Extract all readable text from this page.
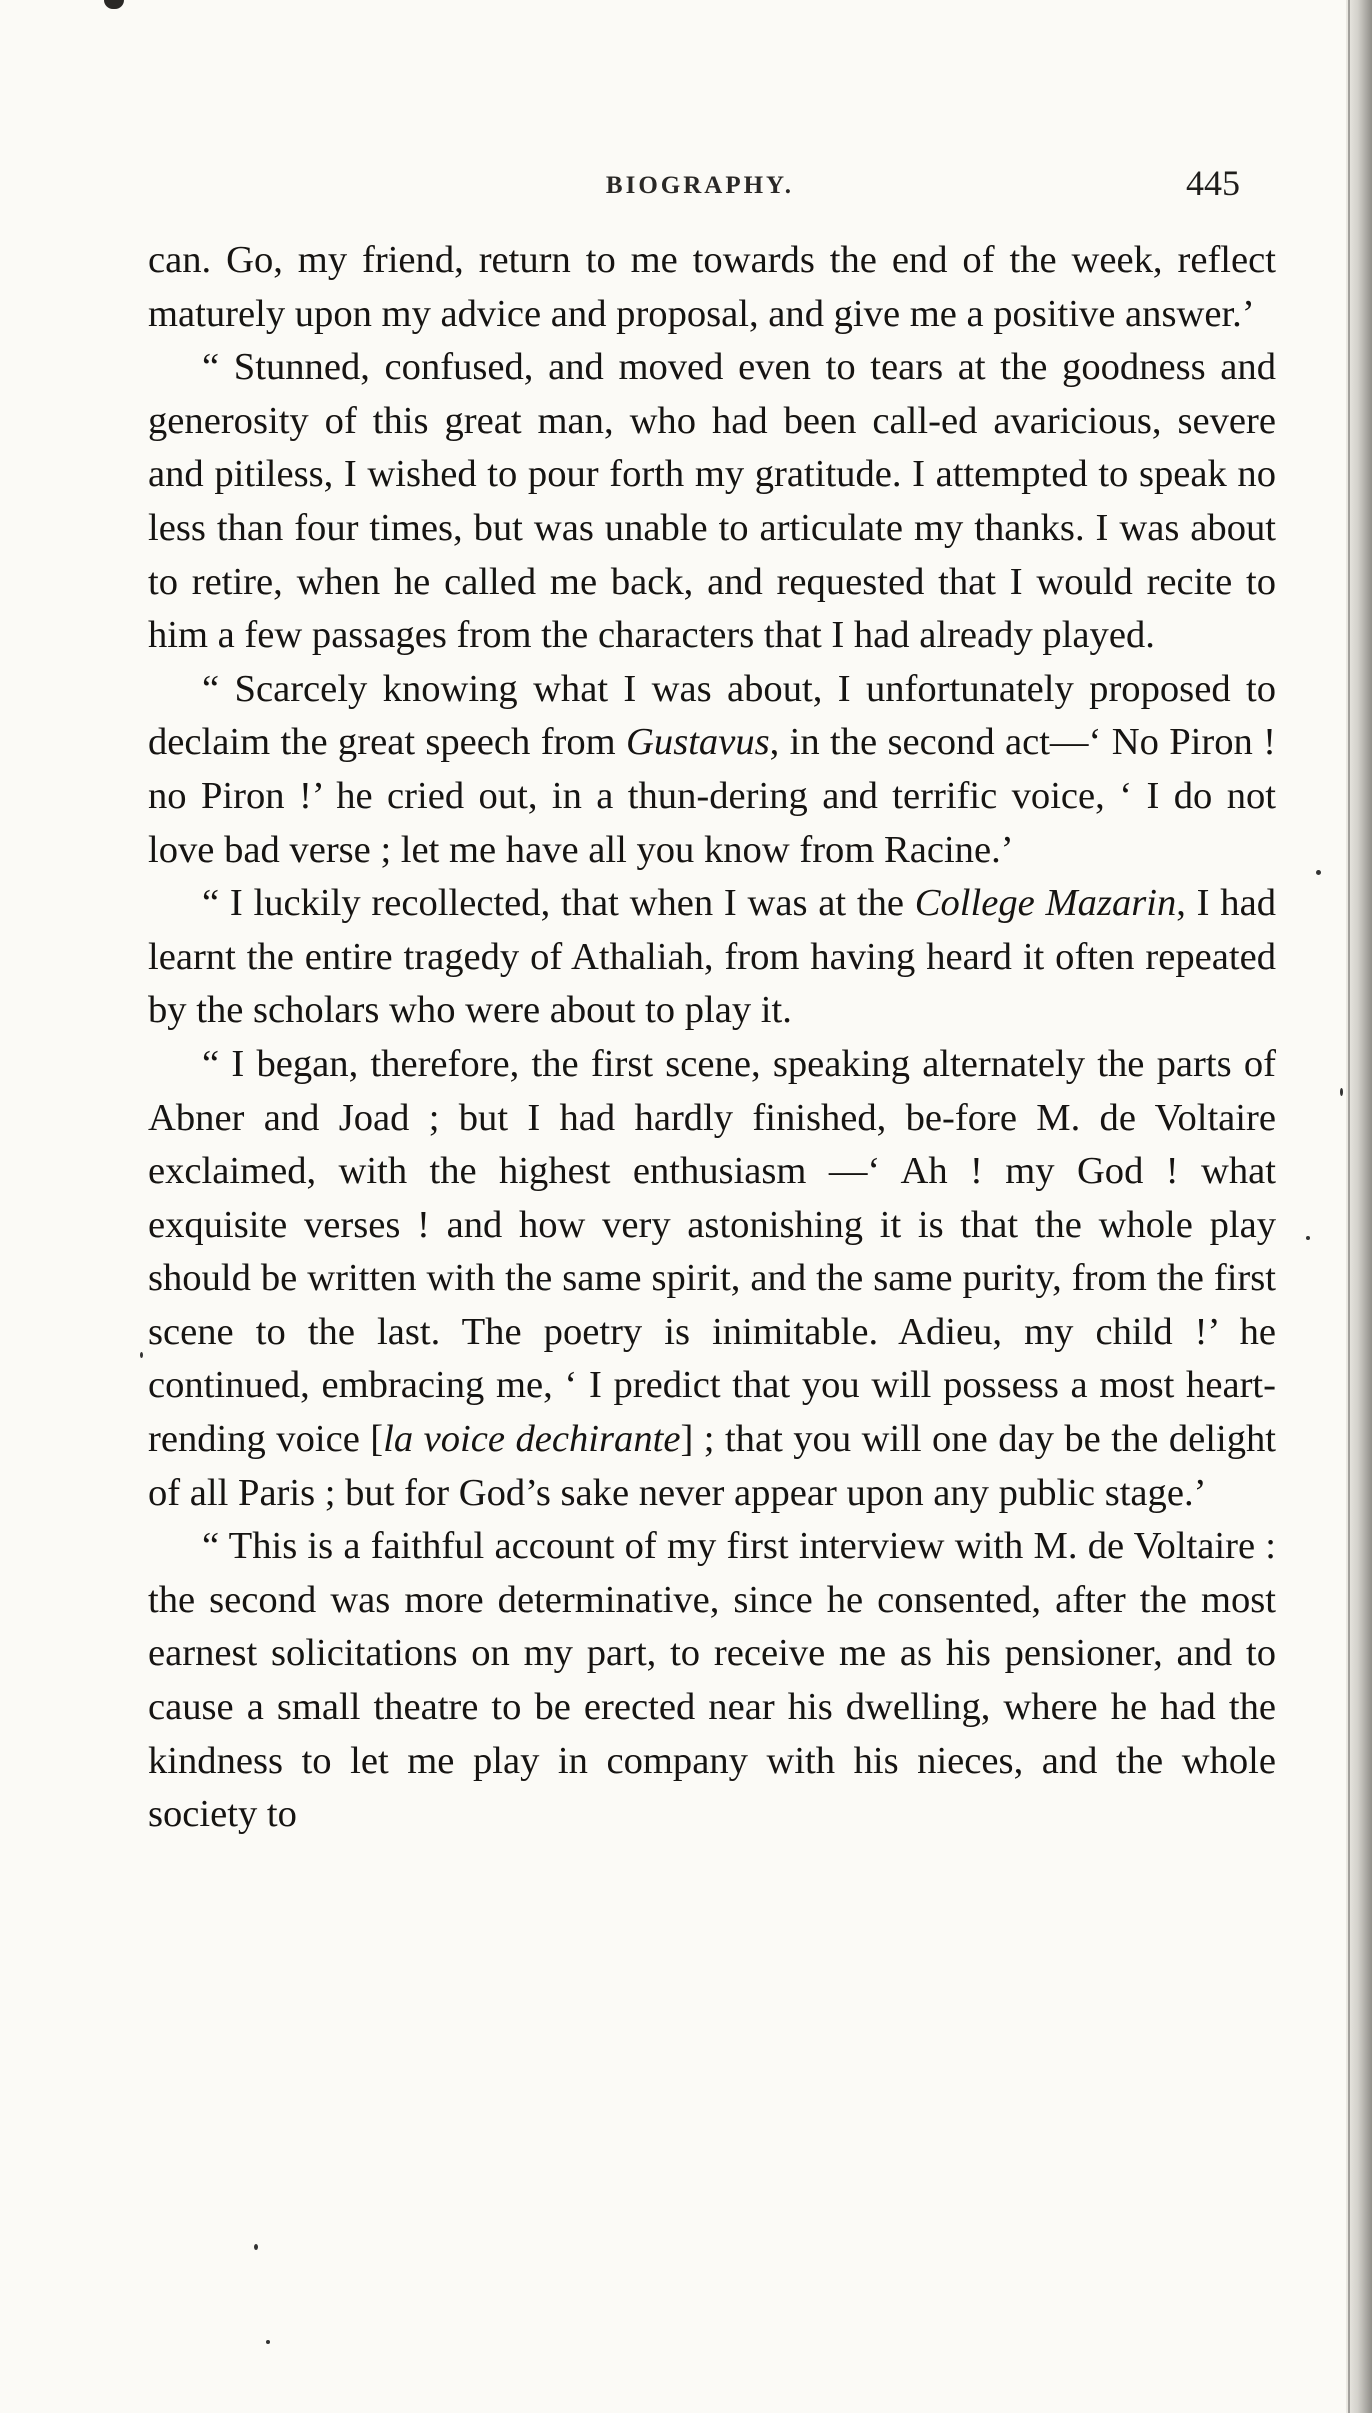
BIOGRAPHY.	445

can. Go, my friend, return to me towards the end of the week, reflect maturely upon my advice and proposal, and give me a positive answer.’

“ Stunned, confused, and moved even to tears at the goodness and generosity of this great man, who had been call-ed avaricious, severe and pitiless, I wished to pour forth my gratitude. I attempted to speak no less than four times, but was unable to articulate my thanks. I was about to retire, when he called me back, and requested that I would recite to him a few passages from the characters that I had already played.

“ Scarcely knowing what I was about, I unfortunately proposed to declaim the great speech from Gustavus, in the second act—‘ No Piron ! no Piron !’ he cried out, in a thun-dering and terrific voice, ‘ I do not love bad verse ; let me have all you know from Racine.’

“ I luckily recollected, that when I was at the College Mazarin, I had learnt the entire tragedy of Athaliah, from having heard it often repeated by the scholars who were about to play it.

“ I began, therefore, the first scene, speaking alternately the parts of Abner and Joad ; but I had hardly finished, be-fore M. de Voltaire exclaimed, with the highest enthusiasm —‘ Ah ! my God ! what exquisite verses ! and how very astonishing it is that the whole play should be written with the same spirit, and the same purity, from the first scene to the last. The poetry is inimitable. Adieu, my child !’ he continued, embracing me, ‘ I predict that you will possess a most heart-rending voice [la voice dechirante] ; that you will one day be the delight of all Paris ; but for God’s sake never appear upon any public stage.’

“ This is a faithful account of my first interview with M. de Voltaire : the second was more determinative, since he consented, after the most earnest solicitations on my part, to receive me as his pensioner, and to cause a small theatre to be erected near his dwelling, where he had the kindness to let me play in company with his nieces, and the whole society to
